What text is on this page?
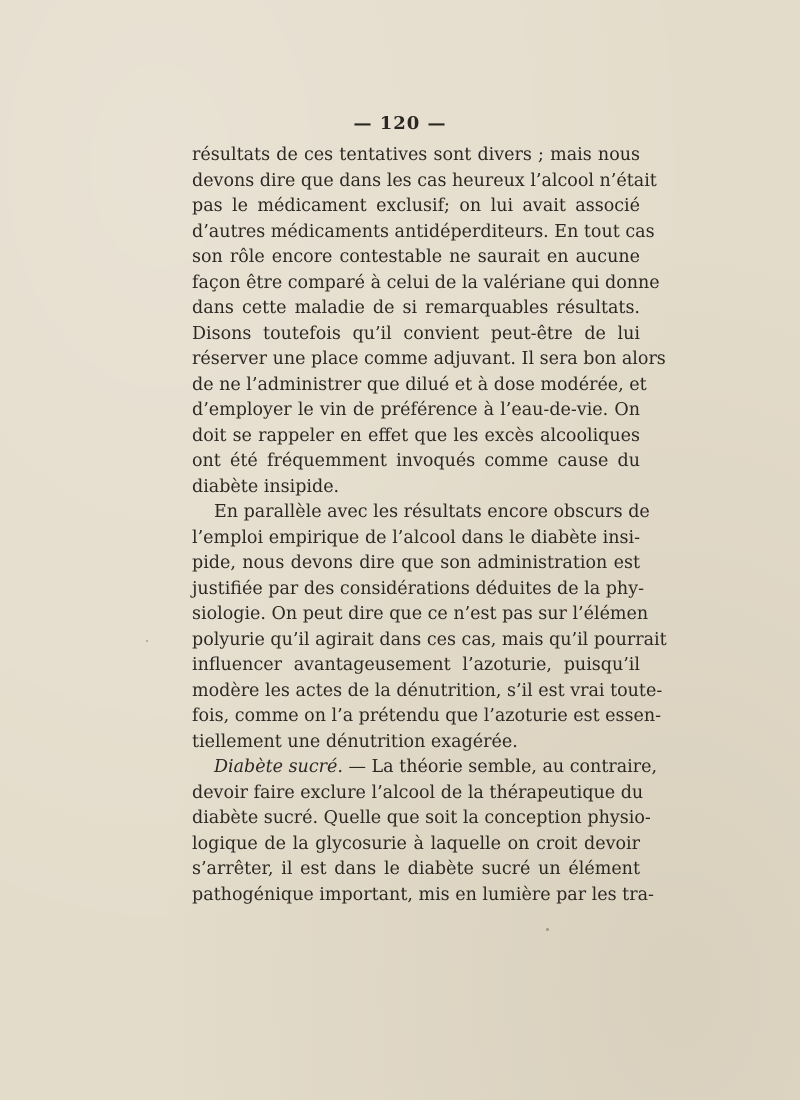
— 120 —
résultats de ces tentatives sont divers ; mais nous
devons dire que dans les cas heureux l’alcool n’était
pas le médicament exclusif; on lui avait associé
d’autres médicaments antidéperditeurs. En tout cas
son rôle encore contestable ne saurait en aucune
façon être comparé à celui de la valériane qui donne
dans cette maladie de si remarquables résultats.
Disons toutefois qu’il convient peut-être de lui
réserver une place comme adjuvant. Il sera bon alors
de ne l’administrer que dilué et à dose modérée, et
d’employer le vin de préférence à l’eau-de-vie. On
doit se rappeler en effet que les excès alcooliques
ont été fréquemment invoqués comme cause du
diabète insipide.
En parallèle avec les résultats encore obscurs de
l’emploi empirique de l’alcool dans le diabète insi-
pide, nous devons dire que son administration est
justifiée par des considérations déduites de la phy-
siologie. On peut dire que ce n’est pas sur l’élémen
polyurie qu’il agirait dans ces cas, mais qu’il pourrait
influencer avantageusement l’azoturie, puisqu’il
modère les actes de la dénutrition, s’il est vrai toute-
fois, comme on l’a prétendu que l’azoturie est essen-
tiellement une dénutrition exagérée.
Diabète sucré. — La théorie semble, au contraire,
devoir faire exclure l’alcool de la thérapeutique du
diabète sucré. Quelle que soit la conception physio-
logique de la glycosurie à laquelle on croit devoir
s’arrêter, il est dans le diabète sucré un élément
pathogénique important, mis en lumière par les tra-
